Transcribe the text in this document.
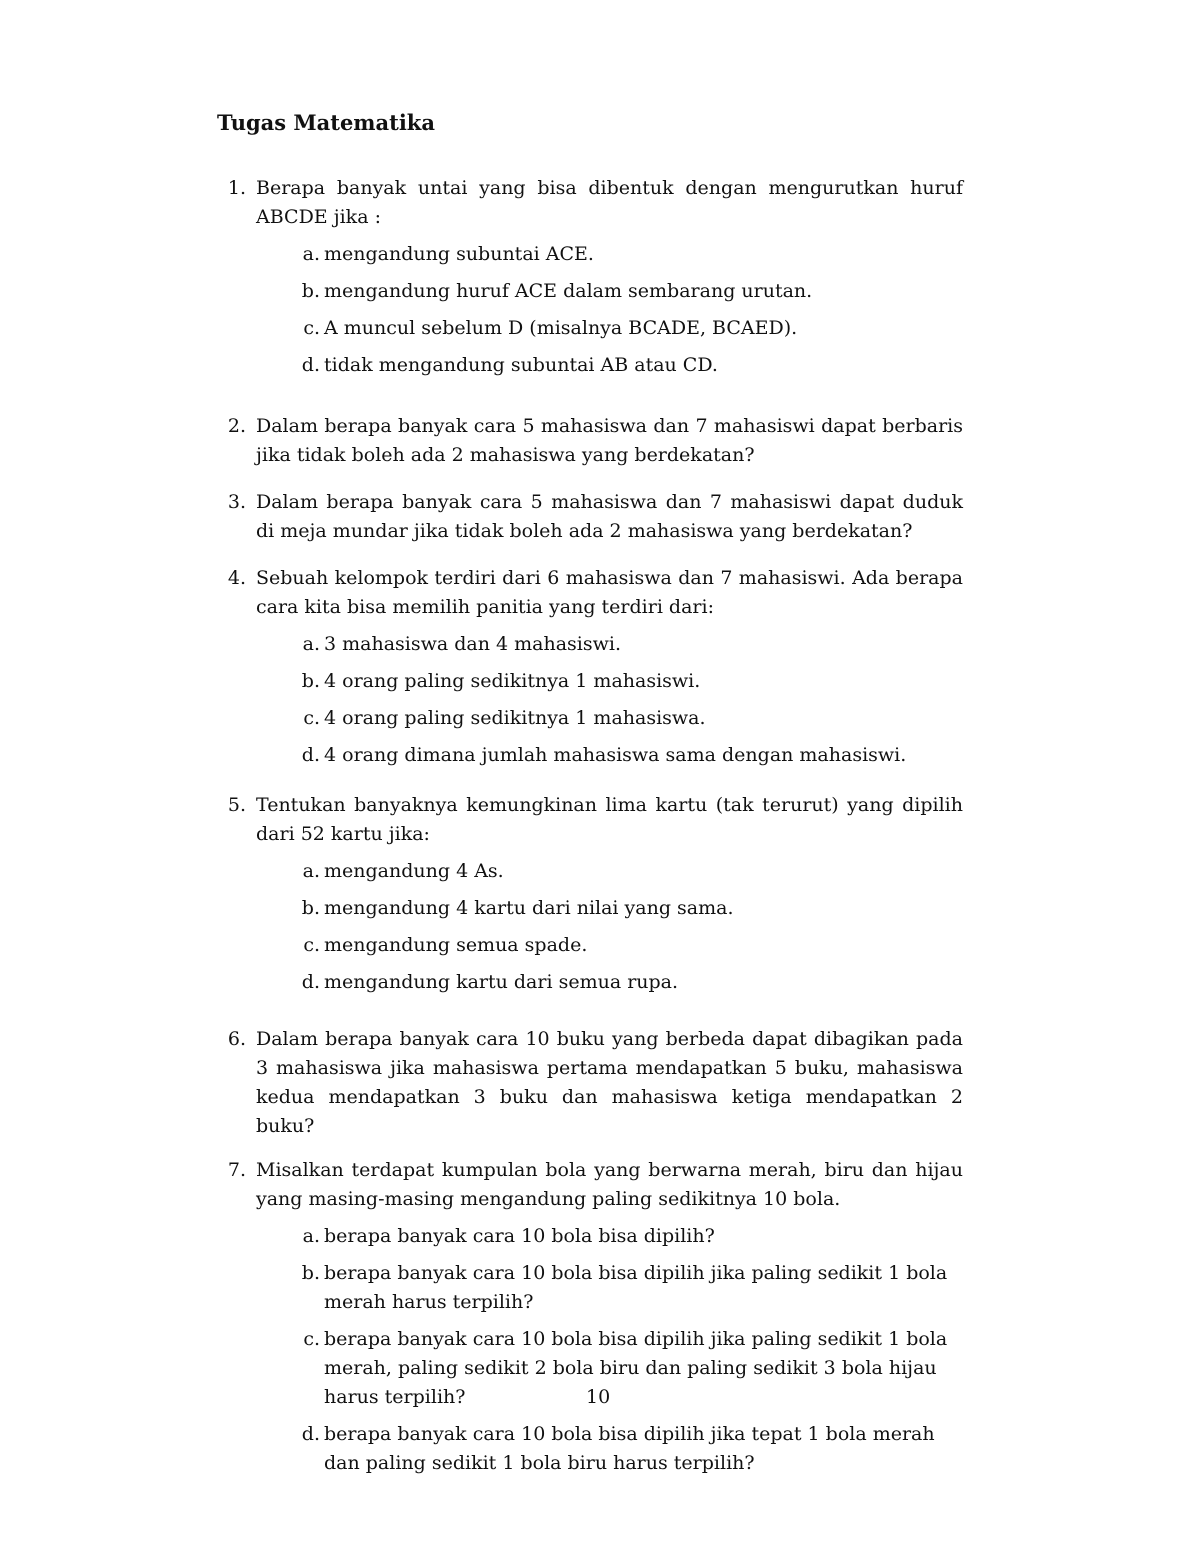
Tugas Matematika
1. Berapa banyak untai yang bisa dibentuk dengan mengurutkan huruf ABCDE jika :
a. mengandung subuntai ACE.
b. mengandung huruf ACE dalam sembarang urutan.
c. A muncul sebelum D (misalnya BCADE, BCAED).
d. tidak mengandung subuntai AB atau CD.
2. Dalam berapa banyak cara 5 mahasiswa dan 7 mahasiswi dapat berbaris jika tidak boleh ada 2 mahasiswa yang berdekatan?
3. Dalam berapa banyak cara 5 mahasiswa dan 7 mahasiswi dapat duduk di meja mundar jika tidak boleh ada 2 mahasiswa yang berdekatan?
4. Sebuah kelompok terdiri dari 6 mahasiswa dan 7 mahasiswi. Ada berapa cara kita bisa memilih panitia yang terdiri dari:
a. 3 mahasiswa dan 4 mahasiswi.
b. 4 orang paling sedikitnya 1 mahasiswi.
c. 4 orang paling sedikitnya 1 mahasiswa.
d. 4 orang dimana jumlah mahasiswa sama dengan mahasiswi.
5. Tentukan banyaknya kemungkinan lima kartu (tak terurut) yang dipilih dari 52 kartu jika:
a. mengandung 4 As.
b. mengandung 4 kartu dari nilai yang sama.
c. mengandung semua spade.
d. mengandung kartu dari semua rupa.
6. Dalam berapa banyak cara 10 buku yang berbeda dapat dibagikan pada 3 mahasiswa jika mahasiswa pertama mendapatkan 5 buku, mahasiswa kedua mendapatkan 3 buku dan mahasiswa ketiga mendapatkan 2 buku?
7. Misalkan terdapat kumpulan bola yang berwarna merah, biru dan hijau yang masing-masing mengandung paling sedikitnya 10 bola.
a. berapa banyak cara 10 bola bisa dipilih?
b. berapa banyak cara 10 bola bisa dipilih jika paling sedikit 1 bola merah harus terpilih?
c. berapa banyak cara 10 bola bisa dipilih jika paling sedikit 1 bola merah, paling sedikit 2 bola biru dan paling sedikit 3 bola hijau harus terpilih?
d. berapa banyak cara 10 bola bisa dipilih jika tepat 1 bola merah dan paling sedikit 1 bola biru harus terpilih?
10
